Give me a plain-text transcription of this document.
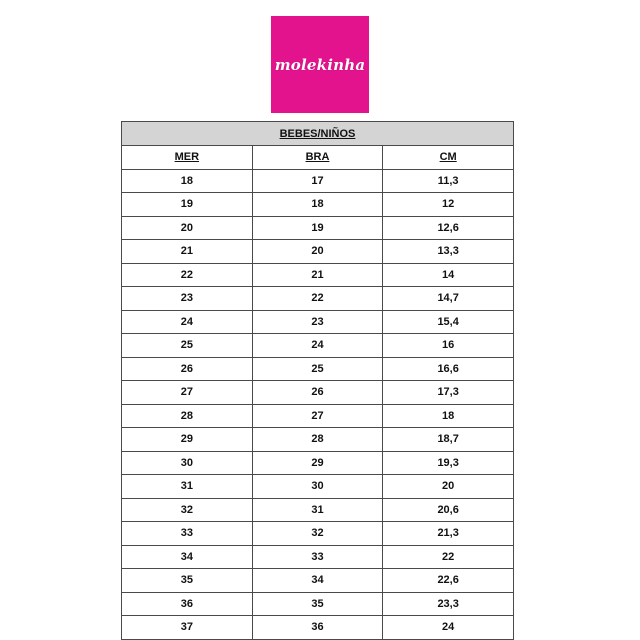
molekinha
BEBES/NIÑOS		
MER	BRA	CM
18	17	11,3
19	18	12
20	19	12,6
21	20	13,3
22	21	14
23	22	14,7
24	23	15,4
25	24	16
26	25	16,6
27	26	17,3
28	27	18
29	28	18,7
30	29	19,3
31	30	20
32	31	20,6
33	32	21,3
34	33	22
35	34	22,6
36	35	23,3
37	36	24
